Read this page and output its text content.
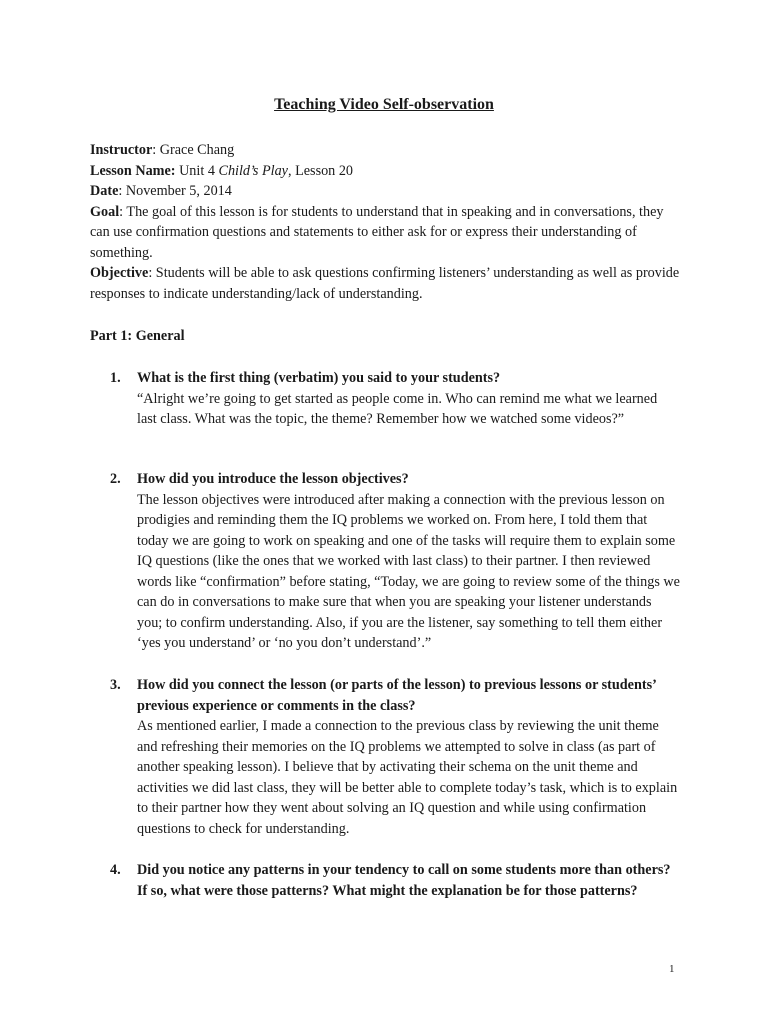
Teaching Video Self-observation

Instructor: Grace Chang

Lesson Name: Unit 4 Child’s Play, Lesson 20

Date: November 5, 2014

Goal: The goal of this lesson is for students to understand that in speaking and in conversations, they can use confirmation questions and statements to either ask for or express their understanding of something.

Objective: Students will be able to ask questions confirming listeners’ understanding as well as provide responses to indicate understanding/lack of understanding.

Part 1: General

1. What is the first thing (verbatim) you said to your students?

“Alright we’re going to get started as people come in. Who can remind me what we learned last class. What was the topic, the theme? Remember how we watched some videos?”

2. How did you introduce the lesson objectives?

The lesson objectives were introduced after making a connection with the previous lesson on prodigies and reminding them the IQ problems we worked on. From here, I told them that today we are going to work on speaking and one of the tasks will require them to explain some IQ questions (like the ones that we worked with last class) to their partner. I then reviewed words like “confirmation” before stating, “Today, we are going to review some of the things we can do in conversations to make sure that when you are speaking your listener understands you; to confirm understanding. Also, if you are the listener, say something to tell them either ‘yes you understand’ or ‘no you don’t understand’.”

3. How did you connect the lesson (or parts of the lesson) to previous lessons or students’ previous experience or comments in the class?

As mentioned earlier, I made a connection to the previous class by reviewing the unit theme and refreshing their memories on the IQ problems we attempted to solve in class (as part of another speaking lesson). I believe that by activating their schema on the unit theme and activities we did last class, they will be better able to complete today’s task, which is to explain to their partner how they went about solving an IQ question and while using confirmation questions to check for understanding.

4. Did you notice any patterns in your tendency to call on some students more than others? If so, what were those patterns? What might the explanation be for those patterns?

1
